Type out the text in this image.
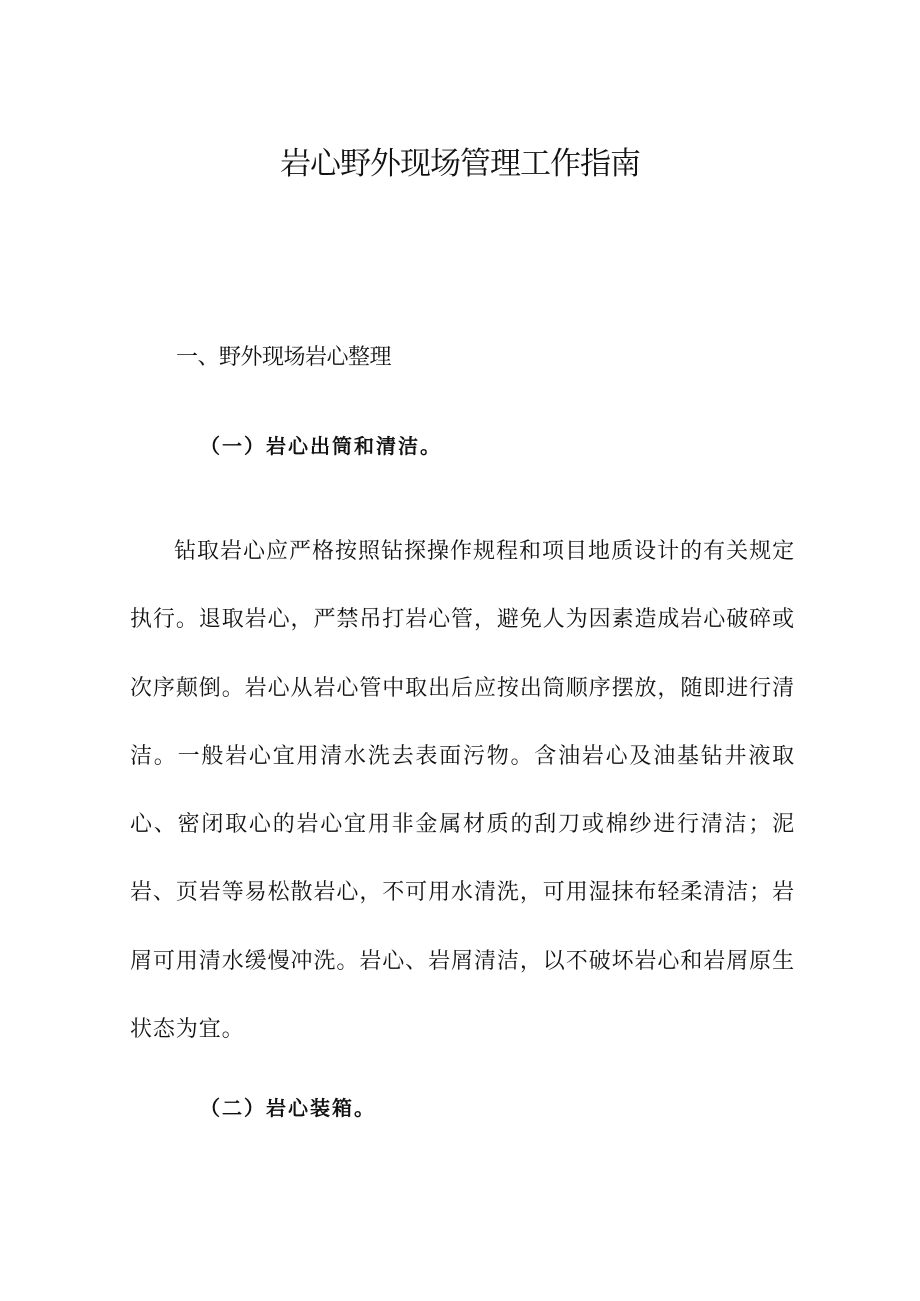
岩心野外现场管理工作指南
一、野外现场岩心整理
（一）岩心出筒和清洁。

钻取岩心应严格按照钻探操作规程和项目地质设计的有关规定执行。退取岩心，严禁吊打岩心管，避免人为因素造成岩心破碎或次序颠倒。岩心从岩心管中取出后应按出筒顺序摆放，随即进行清洁。一般岩心宜用清水洗去表面污物。含油岩心及油基钻井液取心、密闭取心的岩心宜用非金属材质的刮刀或棉纱进行清洁；泥岩、页岩等易松散岩心，不可用水清洗，可用湿抹布轻柔清洁；岩屑可用清水缓慢冲洗。岩心、岩屑清洁，以不破坏岩心和岩屑原生状态为宜。

（二）岩心装箱。
